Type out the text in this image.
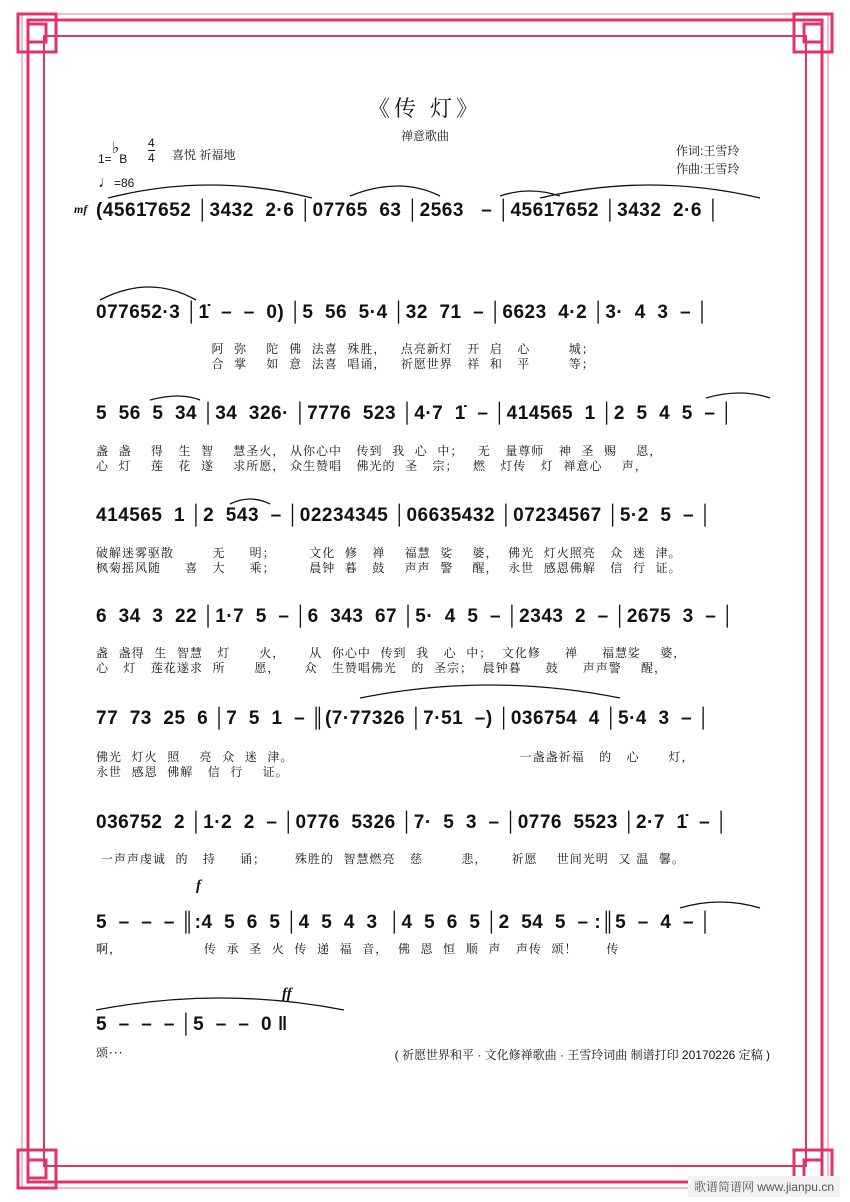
《传 灯》
禅意歌曲
1=♭B
4
4 喜悦 祈福地
♩=86
作词:王雪玲
作曲:王雪玲
mf
f
ff
(4561̇7652 │3432  2·6 │07765  63 │2563   – │4561̇7652 │3432  2·6 │
077652·3 │1̇  –  –  0) │5  56  5·4 │32  71  – │6623  4·2 │3·  4  3  – │
阿  弥    陀  佛  法喜  殊胜，   点亮新灯   开  启   心        城；
合  掌    如  意  法喜  唱诵，   祈愿世界   祥  和   平        等；
5  56  5  34 │34  326· │7776  523 │4·7  1̇  – │414565  1 │2  5  4  5  – │
盏  盏    得   生  智    慧圣火， 从你心中   传到  我  心  中；   无   量尊师   神  圣  赐    恩，
心  灯    莲   花  遂    求所愿， 众生赞唱   佛光的  圣   宗；   燃   灯传   灯  禅意心    声，
414565  1 │2  543  – │02234345 │06635432 │07234567 │5·2  5  – │
破解迷雾驱散        无     明；       文化  修   禅    福慧  娑    婆，  佛光  灯火照亮   众  迷  津。
枫菊摇风随     喜   大     乘；       晨钟  暮   鼓    声声  警    醒，  永世  感恩佛解   信  行  证。
6  34  3  22 │1·7  5  – │6  343  67 │5·  4  5  – │2343  2  – │2675  3  – │
盏  盏得  生  智慧   灯      火，     从  你心中  传到  我   心  中；  文化修     禅     福慧娑    婆，
心   灯   莲花遂求  所      愿，     众   生赞唱佛光   的  圣宗；  晨钟暮     鼓     声声警    醒，
77  73  25  6 │7  5  1  – ║(7·77326 │7·51  –) │036754  4 │5·4  3  – │
佛光  灯火  照    亮  众  迷  津。                                               一盏盏祈福   的   心      灯，
永世  感恩  佛解   信  行    证。
036752  2 │1·2  2  – │0776  5326 │7·  5  3  – │0776  5523 │2·7  1̇  – │
一声声虔诚  的   持     诵；      殊胜的  智慧燃亮   慈        悲，     祈愿    世间光明  又 温  馨。
5  –  –  – ║:4  5  6  5 │4  5  4  3  │4  5  6  5 │2  54  5  – :║5  –  4  – │
啊，                 传  承  圣  火  传  递  福  音，  佛  恩  恒  顺  声   声传  颂！      传
5  –  –  – │5  –  –  0 ‖
颂···	( 祈愿世界和平 · 文化修禅歌曲 · 王雪玲词曲 制谱打印 20170226 定稿 )
歌谱简谱网 www.jianpu.cn
